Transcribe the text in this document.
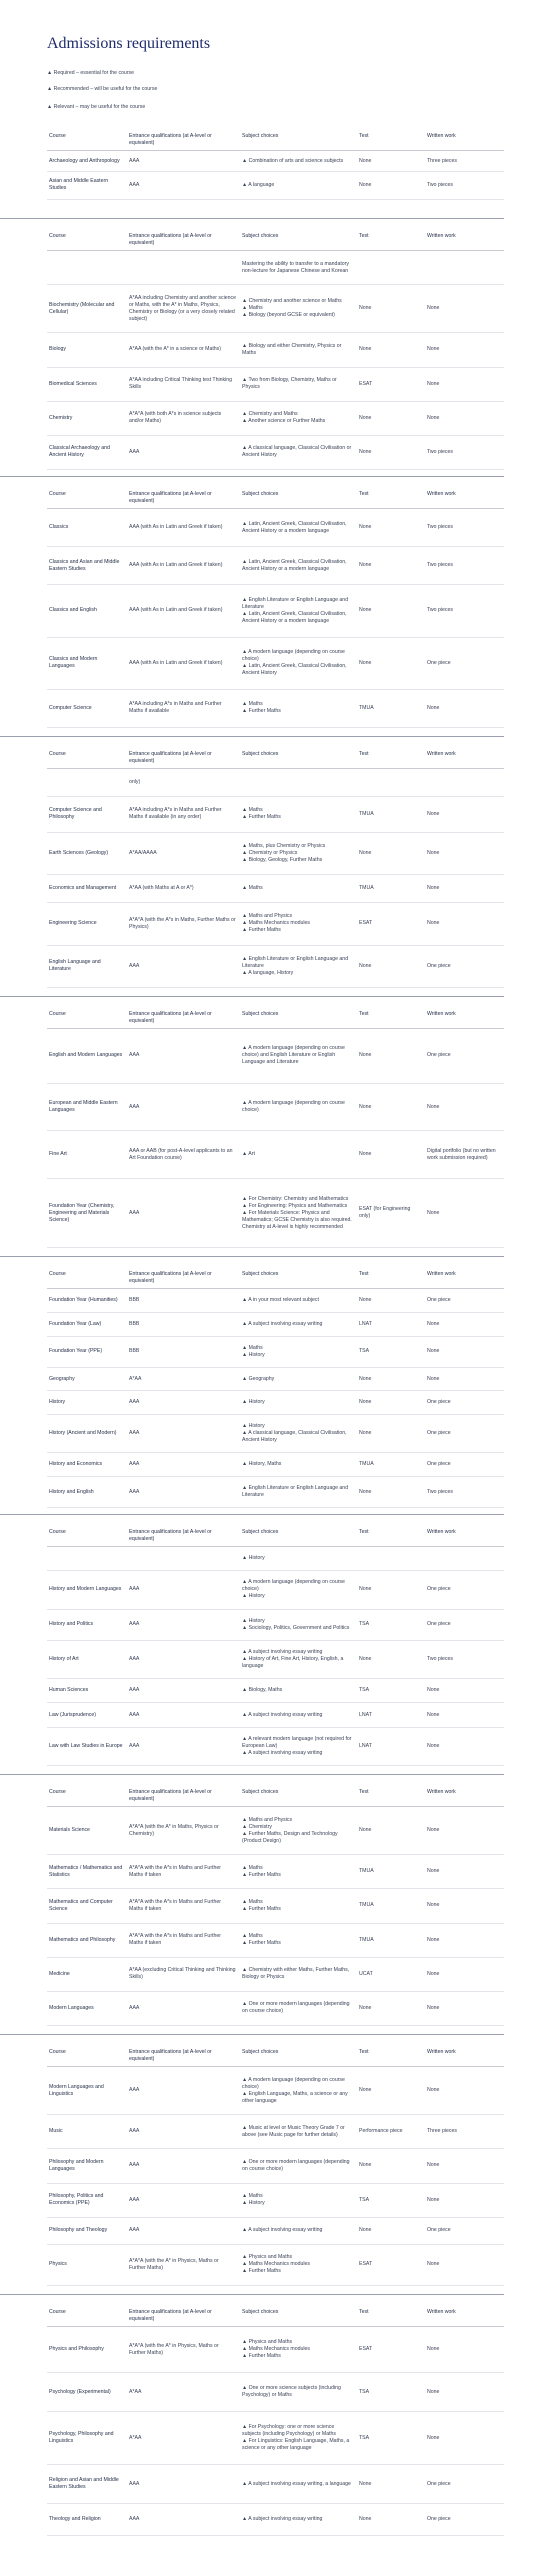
Admissions requirements
▲ Required – essential for the course
▲ Recommended – will be useful for the course
▲ Relevant – may be useful for the course
Course	Entrance qualifications (at A-level or equivalent)	Subject choices	Test	Written work
Archaeology and Anthropology	AAA	▲ Combination of arts and science subjects	None	Three pieces
Asian and Middle Eastern Studies	AAA	▲ A language	None	Two pieces
Course	Entrance qualifications (at A-level or equivalent)	Subject choices	Test	Written work

		Mastering the ability to transfer to a mandatory non-lecture for Japanese Chinese and Korean		

Biochemistry (Molecular and Cellular)	A*AA including Chemistry and another science or Maths, with the A* in Maths, Physics, Chemistry or Biology (or a very closely related subject)	▲ Chemistry and another science or Maths
▲ Maths
▲ Biology (beyond GCSE or equivalent)	None	None
Biology	A*AA (with the A* in a science or Maths)	▲ Biology and either Chemistry, Physics or Maths	None	None
Biomedical Sciences	A*AA including Critical Thinking test Thinking Skills	▲ Two from Biology, Chemistry, Maths or Physics	ESAT	None
Chemistry	A*A*A (with both A*s in science subjects and/or Maths)	▲ Chemistry and Maths
▲ Another science or Further Maths	None	None
Classical Archaeology and Ancient History	AAA	▲ A classical language, Classical Civilisation or Ancient History	None	Two pieces
Course	Entrance qualifications (at A-level or equivalent)	Subject choices	Test	Written work
Classics	AAA (with As in Latin and Greek if taken)	▲ Latin, Ancient Greek, Classical Civilisation, Ancient History or a modern language	None	Two pieces
Classics and Asian and Middle Eastern Studies	AAA (with As in Latin and Greek if taken)	▲ Latin, Ancient Greek, Classical Civilisation, Ancient History or a modern language	None	Two pieces
Classics and English	AAA (with As in Latin and Greek if taken)	▲ English Literature or English Language and Literature
▲ Latin, Ancient Greek, Classical Civilisation, Ancient History or a modern language	None	Two pieces
Classics and Modern Languages	AAA (with As in Latin and Greek if taken)	▲ A modern language (depending on course choice)
▲ Latin, Ancient Greek, Classical Civilisation, Ancient History	None	One piece
Computer Science	A*AA including A*s in Maths and Further Maths if available	▲ Maths
▲ Further Maths	TMUA	None
Course	Entrance qualifications (at A-level or equivalent)	Subject choices	Test	Written work
	only)			
Computer Science and Philosophy	A*AA including A*s in Maths and Further Maths if available (in any order)	▲ Maths
▲ Further Maths	TMUA	None
Earth Sciences (Geology)	A*AA/AAAA	▲ Maths, plus Chemistry or Physics
▲ Chemistry or Physics
▲ Biology, Geology, Further Maths	None	None
Economics and Management	A*AA (with Maths at A or A*)	▲ Maths	TMUA	None
Engineering Science	A*A*A (with the A*s in Maths, Further Maths or Physics)	▲ Maths and Physics
▲ Maths Mechanics modules
▲ Further Maths	ESAT	None
English Language and Literature	AAA	▲ English Literature or English Language and Literature
▲ A language, History	None	One piece
Course	Entrance qualifications (at A-level or equivalent)	Subject choices	Test	Written work
English and Modern Languages	AAA	▲ A modern language (depending on course choice) and English Literature or English Language and Literature	None	One piece
European and Middle Eastern Languages	AAA	▲ A modern language (depending on course choice)	None	None
Fine Art	AAA or AAB (for post-A-level applicants to an Art Foundation course)	▲ Art	None	Digital portfolio (but no written work submission required)
Foundation Year (Chemistry, Engineering and Materials Science)	AAA	▲ For Chemistry: Chemistry and Mathematics
▲ For Engineering: Physics and Mathematics
▲ For Materials Science: Physics and Mathematics; GCSE Chemistry is also required. Chemistry at A-level is highly recommended	ESAT (for Engineering only)	None
Course	Entrance qualifications (at A-level or equivalent)	Subject choices	Test	Written work
Foundation Year (Humanities)	BBB	▲ A in your most relevant subject	None	One piece
Foundation Year (Law)	BBB	▲ A subject involving essay writing	LNAT	None
Foundation Year (PPE)	BBB	▲ Maths
▲ History	TSA	None
Geography	A*AA	▲ Geography	None	None
History	AAA	▲ History	None	One piece
History (Ancient and Modern)	AAA	▲ History
▲ A classical language, Classical Civilisation, Ancient History	None	One piece
History and Economics	AAA	▲ History, Maths	TMUA	One piece
History and English	AAA	▲ English Literature or English Language and Literature	None	Two pieces
Course	Entrance qualifications (at A-level or equivalent)	Subject choices	Test	Written work

		▲ History		

History and Modern Languages	AAA	▲ A modern language (depending on course choice)
▲ History	None	One piece
History and Politics	AAA	▲ History
▲ Sociology, Politics, Government and Politics	TSA	One piece
History of Art	AAA	▲ A subject involving essay writing
▲ History of Art, Fine Art, History, English, a language	None	Two pieces
Human Sciences	AAA	▲ Biology, Maths	TSA	None
Law (Jurisprudence)	AAA	▲ A subject involving essay writing	LNAT	None
Law with Law Studies in Europe	AAA	▲ A relevant modern language (not required for European Law)
▲ A subject involving essay writing	LNAT	None
Course	Entrance qualifications (at A-level or equivalent)	Subject choices	Test	Written work
Materials Science	A*A*A (with the A* in Maths, Physics or Chemistry)	▲ Maths and Physics
▲ Chemistry
▲ Further Maths, Design and Technology (Product Design)	None	None
Mathematics / Mathematics and Statistics	A*A*A with the A*s in Maths and Further Maths if taken	▲ Maths
▲ Further Maths	TMUA	None
Mathematics and Computer Science	A*A*A with the A*s in Maths and Further Maths if taken	▲ Maths
▲ Further Maths	TMUA	None
Mathematics and Philosophy	A*A*A with the A*s in Maths and Further Maths if taken	▲ Maths
▲ Further Maths	TMUA	None
Medicine	A*AA (excluding Critical Thinking and Thinking Skills)	▲ Chemistry with either Maths, Further Maths, Biology or Physics	UCAT	None
Modern Languages	AAA	▲ One or more modern languages (depending on course choice)	None	None
Course	Entrance qualifications (at A-level or equivalent)	Subject choices	Test	Written work
Modern Languages and Linguistics	AAA	▲ A modern language (depending on course choice)
▲ English Language, Maths, a science or any other language	None	None
Music	AAA	▲ Music at level or Music Theory Grade 7 or above (see Music page for further details)	Performance piece	Three pieces
Philosophy and Modern Languages	AAA	▲ One or more modern languages (depending on course choice)	None	None
Philosophy, Politics and Economics (PPE)	AAA	▲ Maths
▲ History	TSA	None
Philosophy and Theology	AAA	▲ A subject involving essay writing	None	One piece
Physics	A*A*A (with the A* in Physics, Maths or Further Maths)	▲ Physics and Maths
▲ Maths Mechanics modules
▲ Further Maths	ESAT	None
Course	Entrance qualifications (at A-level or equivalent)	Subject choices	Test	Written work
Physics and Philosophy	A*A*A (with the A* in Physics, Maths or Further Maths)	▲ Physics and Maths
▲ Maths Mechanics modules
▲ Further Maths	ESAT	None
Psychology (Experimental)	A*AA	▲ One or more science subjects (including Psychology) or Maths	TSA	None
Psychology, Philosophy and Linguistics	A*AA	▲ For Psychology: one or more science subjects (including Psychology) or Maths
▲ For Linguistics: English Language, Maths, a science or any other language	TSA	None
Religion and Asian and Middle Eastern Studies	AAA	▲ A subject involving essay writing, a language	None	One piece
Theology and Religion	AAA	▲ A subject involving essay writing	None	One piece
